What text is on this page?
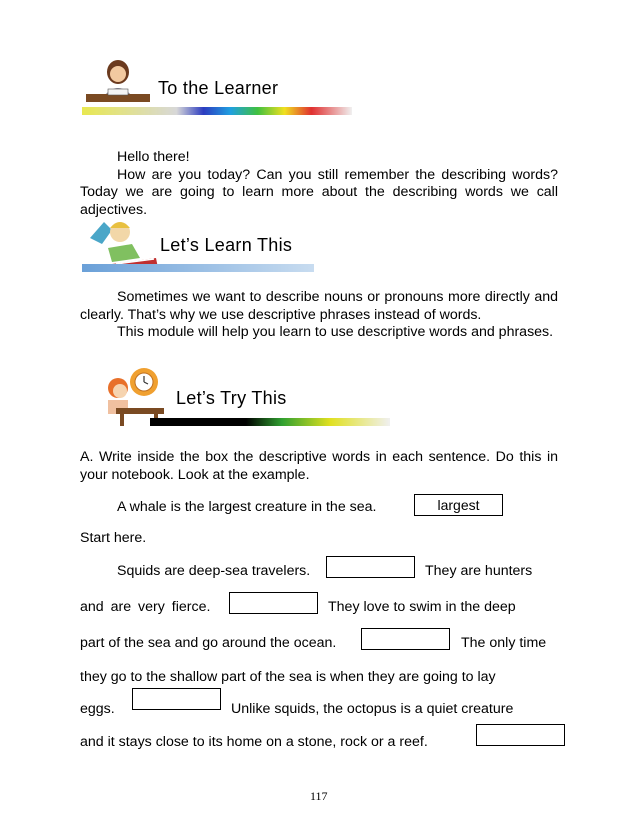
To the Learner

Hello there!

How are you today? Can you still remember the describing words? Today we are going to learn more about the describing words we call adjectives.

Let’s Learn This

Sometimes we want to describe nouns or pronouns more directly and clearly. That’s why we use descriptive phrases instead of words.

This module will help you learn to use descriptive words and phrases.

Let’s Try This
A. Write inside the box the descriptive words in each sentence. Do this in your notebook. Look at the example.
A whale is the largest creature in the sea.	largest
Start here.
Squids are deep-sea travelers.	They are hunters
and are very fierce.	They love to swim in the deep
part of the sea and go around the ocean.	The only time
they go to the shallow part of the sea is when they are going to lay
eggs.	Unlike squids, the octopus is a quiet creature
and it stays close to its home on a stone, rock or a reef.
117
